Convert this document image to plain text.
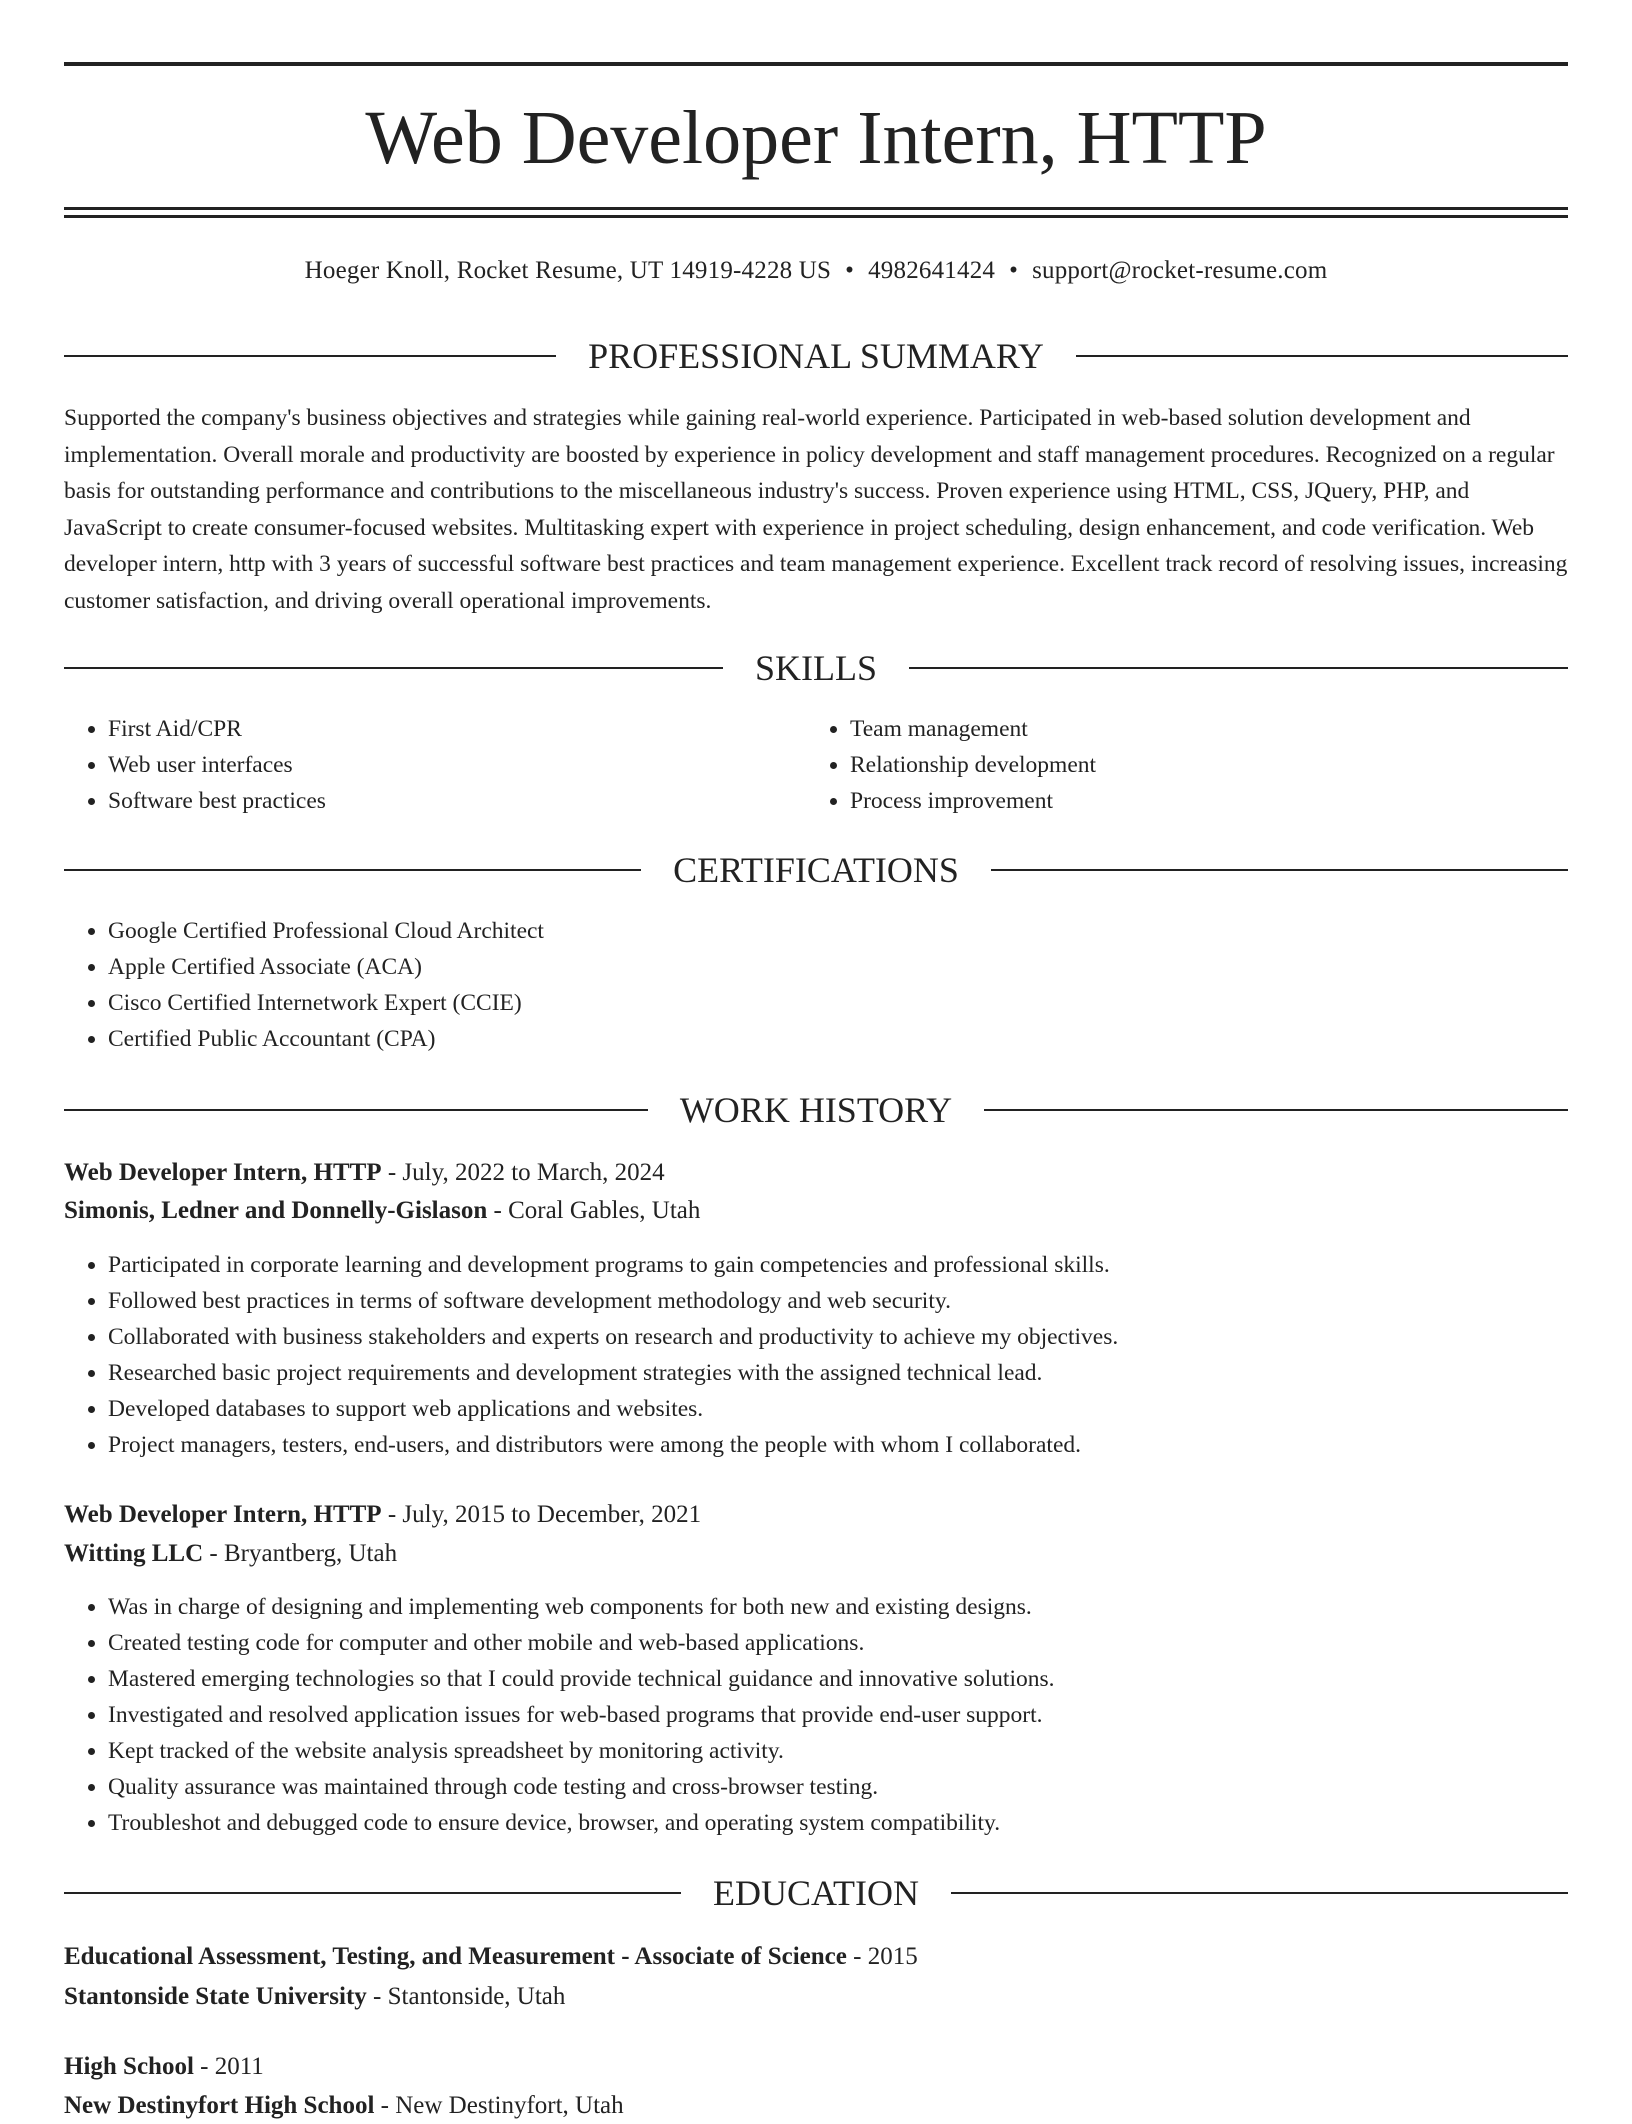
Web Developer Intern, HTTP
Hoeger Knoll, Rocket Resume, UT 14919-4228 US • 4982641424 • support@rocket-resume.com
PROFESSIONAL SUMMARY

Supported the company's business objectives and strategies while gaining real-world experience. Participated in web-based solution development and implementation. Overall morale and productivity are boosted by experience in policy development and staff management procedures. Recognized on a regular basis for outstanding performance and contributions to the miscellaneous industry's success. Proven experience using HTML, CSS, JQuery, PHP, and JavaScript to create consumer-focused websites. Multitasking expert with experience in project scheduling, design enhancement, and code verification. Web developer intern, http with 3 years of successful software best practices and team management experience. Excellent track record of resolving issues, increasing customer satisfaction, and driving overall operational improvements.

SKILLS
• First Aid/CPR
• Web user interfaces
• Software best practices
• Team management
• Relationship development
• Process improvement
CERTIFICATIONS
• Google Certified Professional Cloud Architect
• Apple Certified Associate (ACA)
• Cisco Certified Internetwork Expert (CCIE)
• Certified Public Accountant (CPA)
WORK HISTORY
Web Developer Intern, HTTP - July, 2022 to March, 2024
Simonis, Ledner and Donnelly-Gislason - Coral Gables, Utah
• Participated in corporate learning and development programs to gain competencies and professional skills.
• Followed best practices in terms of software development methodology and web security.
• Collaborated with business stakeholders and experts on research and productivity to achieve my objectives.
• Researched basic project requirements and development strategies with the assigned technical lead.
• Developed databases to support web applications and websites.
• Project managers, testers, end-users, and distributors were among the people with whom I collaborated.
Web Developer Intern, HTTP - July, 2015 to December, 2021
Witting LLC - Bryantberg, Utah
• Was in charge of designing and implementing web components for both new and existing designs.
• Created testing code for computer and other mobile and web-based applications.
• Mastered emerging technologies so that I could provide technical guidance and innovative solutions.
• Investigated and resolved application issues for web-based programs that provide end-user support.
• Kept tracked of the website analysis spreadsheet by monitoring activity.
• Quality assurance was maintained through code testing and cross-browser testing.
• Troubleshot and debugged code to ensure device, browser, and operating system compatibility.
EDUCATION
Educational Assessment, Testing, and Measurement - Associate of Science - 2015
Stantonside State University - Stantonside, Utah
High School - 2011
New Destinyfort High School - New Destinyfort, Utah
